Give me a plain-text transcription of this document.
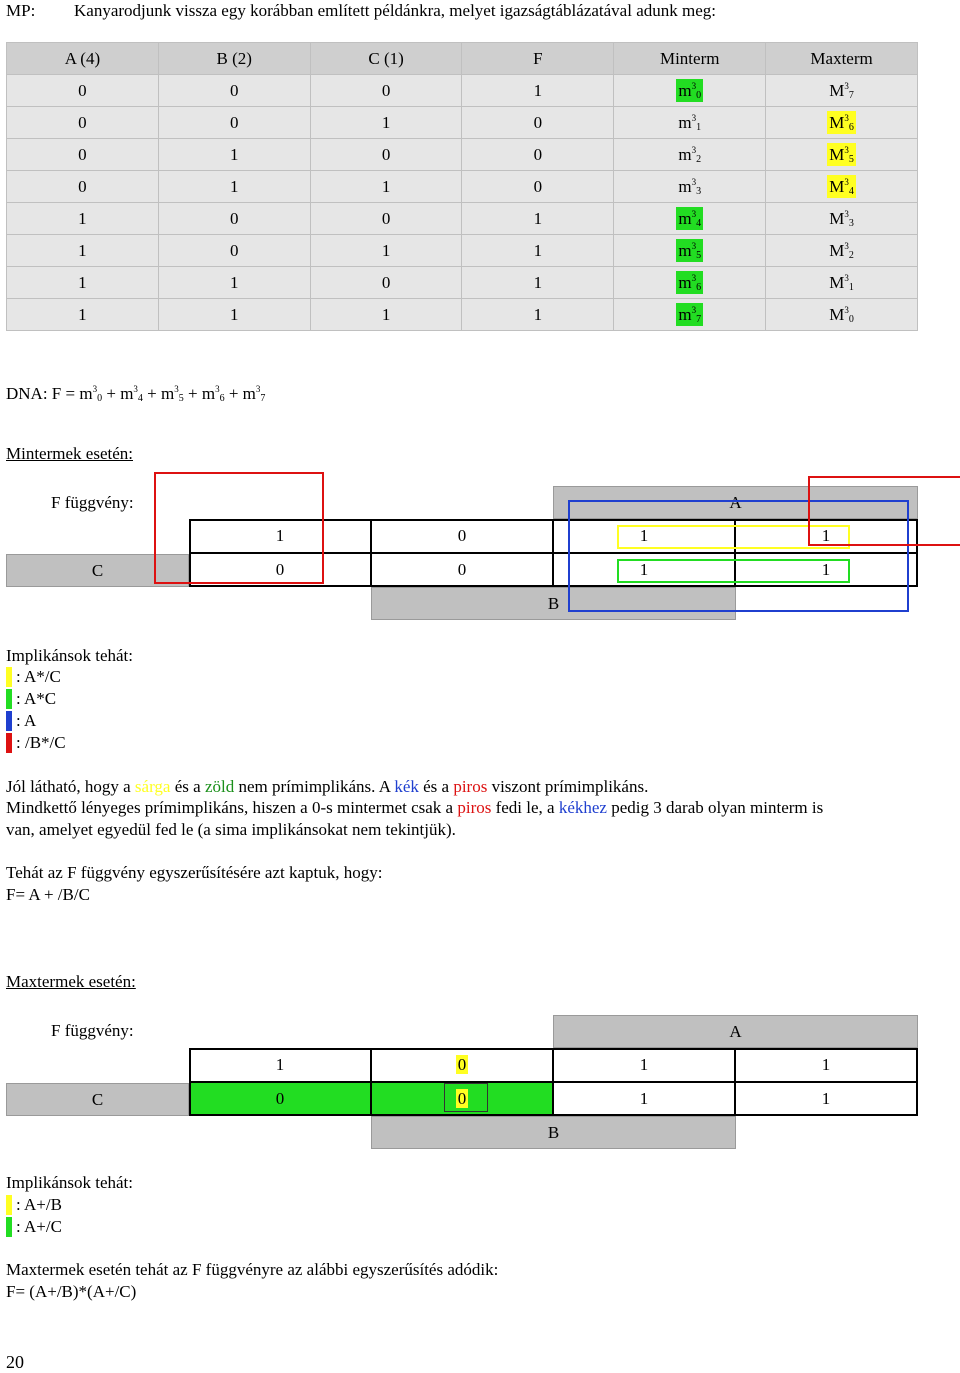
MP: Kanyarodjunk vissza egy korábban említett példánkra, melyet igazságtáblázatával adunk meg:
A (4)	B (2)	C (1)	F	Minterm	Maxterm
0	0	0	1	$m^3_0$	$M^3_7$
0	0	1	0	$m^3_1$	$M^3_6$
0	1	0	0	$m^3_2$	$M^3_5$
0	1	1	0	$m^3_3$	$M^3_4$
1	0	0	1	$m^3_4$	$M^3_3$
1	0	1	1	$m^3_5$	$M^3_2$
1	1	0	1	$m^3_6$	$M^3_1$
1	1	1	1	$m^3_7$	$M^3_0$
DNA: $F = m^3_0 + m^3_4 + m^3_5 + m^3_6 + m^3_7$
Mintermek esetén:
F függvény:	A
C
B
1	0	1	1
0	0	1	1
Implikánsok tehát:
: A*/C
: A*C
: A
: /B*/C
Jól látható, hogy a sárga és a zöld nem prímimplikáns. A kék és a piros viszont prímimplikáns.
Mindkettő lényeges prímimplikáns, hiszen a 0-s mintermet csak a piros fedi le, a kékhez pedig 3 darab olyan minterm is
van, amelyet egyedül fed le (a sima implikánsokat nem tekintjük).
Tehát az F függvény egyszerűsítésére azt kaptuk, hogy:
F= A + /B/C
Maxtermek esetén:
F függvény:	A
C
B
1	0	1	1
0	0	1	1
Implikánsok tehát:
: A+/B
: A+/C
Maxtermek esetén tehát az F függvényre az alábbi egyszerűsítés adódik:
F= (A+/B)*(A+/C)
20
